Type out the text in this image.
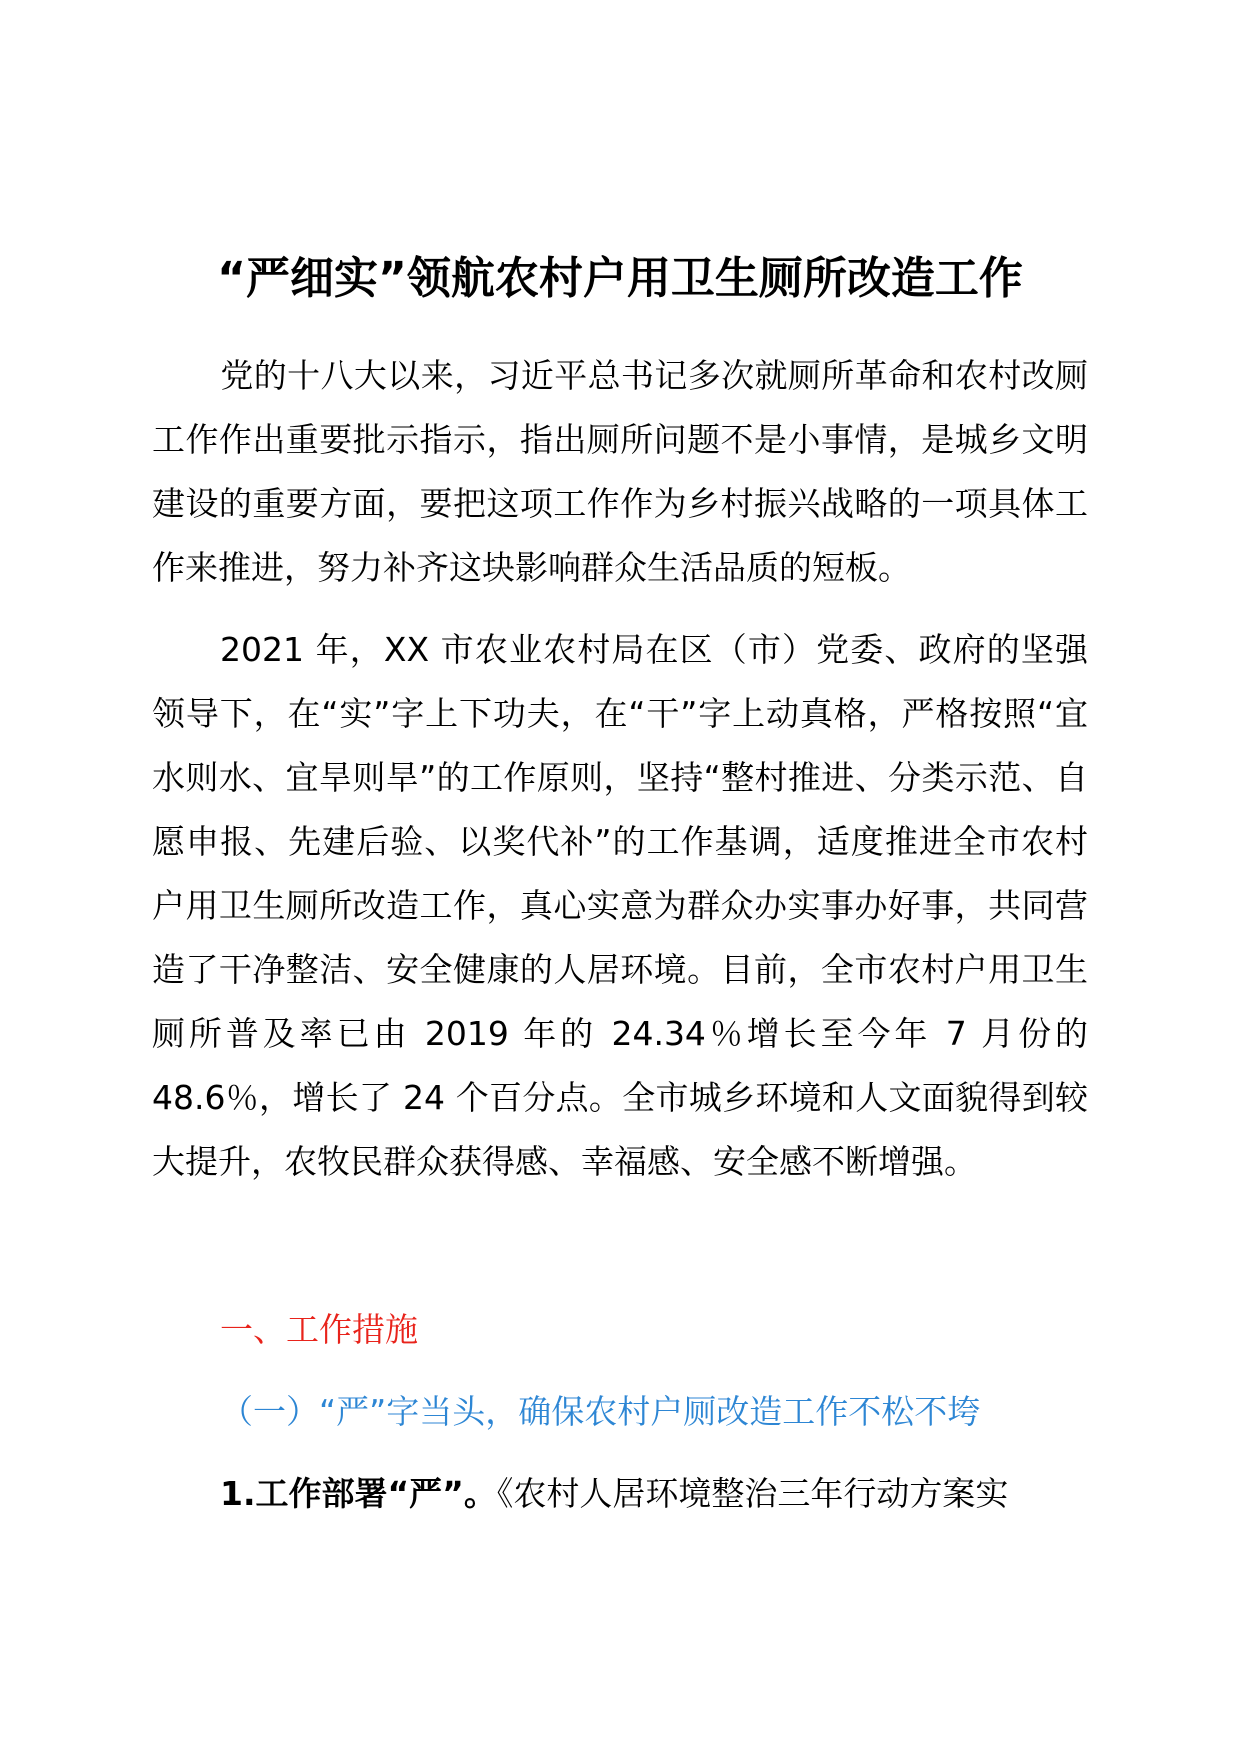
“严细实”领航农村户用卫生厕所改造工作

党的十八大以来，习近平总书记多次就厕所革命和农村改厕工作作出重要批示指示，指出厕所问题不是小事情，是城乡文明建设的重要方面，要把这项工作作为乡村振兴战略的一项具体工作来推进，努力补齐这块影响群众生活品质的短板。

2021 年，XX 市农业农村局在区（市）党委、政府的坚强领导下，在“实”字上下功夫，在“干”字上动真格，严格按照“宜水则水、宜旱则旱”的工作原则，坚持“整村推进、分类示范、自愿申报、先建后验、以奖代补”的工作基调，适度推进全市农村户用卫生厕所改造工作，真心实意为群众办实事办好事，共同营造了干净整洁、安全健康的人居环境。目前，全市农村户用卫生厕所普及率已由 2019 年的 24.34％增长至今年 7 月份的 48.6％，增长了 24 个百分点。全市城乡环境和人文面貌得到较大提升，农牧民群众获得感、幸福感、安全感不断增强。

一、工作措施
（一）“严”字当头，确保农村户厕改造工作不松不垮
1.工作部署“严”。《农村人居环境整治三年行动方案实
